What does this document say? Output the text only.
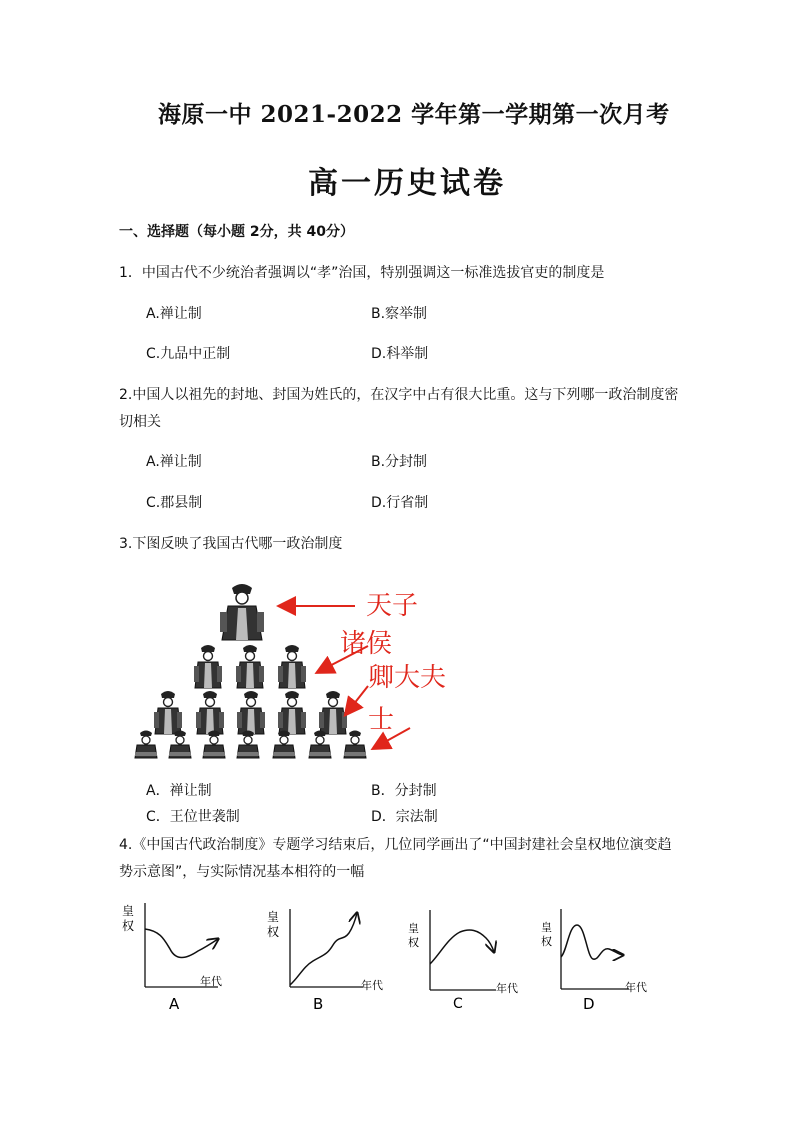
海原一中 2021-2022 学年第一学期第一次月考
高一历史试卷
一、选择题（每小题 2分，共 40分）
1．中国古代不少统治者强调以“孝”治国，特别强调这一标准选拔官吏的制度是
A.禅让制	B.察举制
C.九品中正制	D.科举制
2.中国人以祖先的封地、封国为姓氏的，在汉字中占有很大比重。这与下列哪一政治制度密
切相关
A.禅让制	B.分封制
C.郡县制	D.行省制
3.下图反映了我国古代哪一政治制度
天子
诸侯
卿大夫
士
A．禅让制	B．分封制
C．王位世袭制	D．宗法制
4.《中国古代政治制度》专题学习结束后，几位同学画出了“中国封建社会皇权地位演变趋
势示意图”，与实际情况基本相符的一幅
皇权
年代
A
皇权
年代
B
皇权
年代
C
皇权
年代
D
